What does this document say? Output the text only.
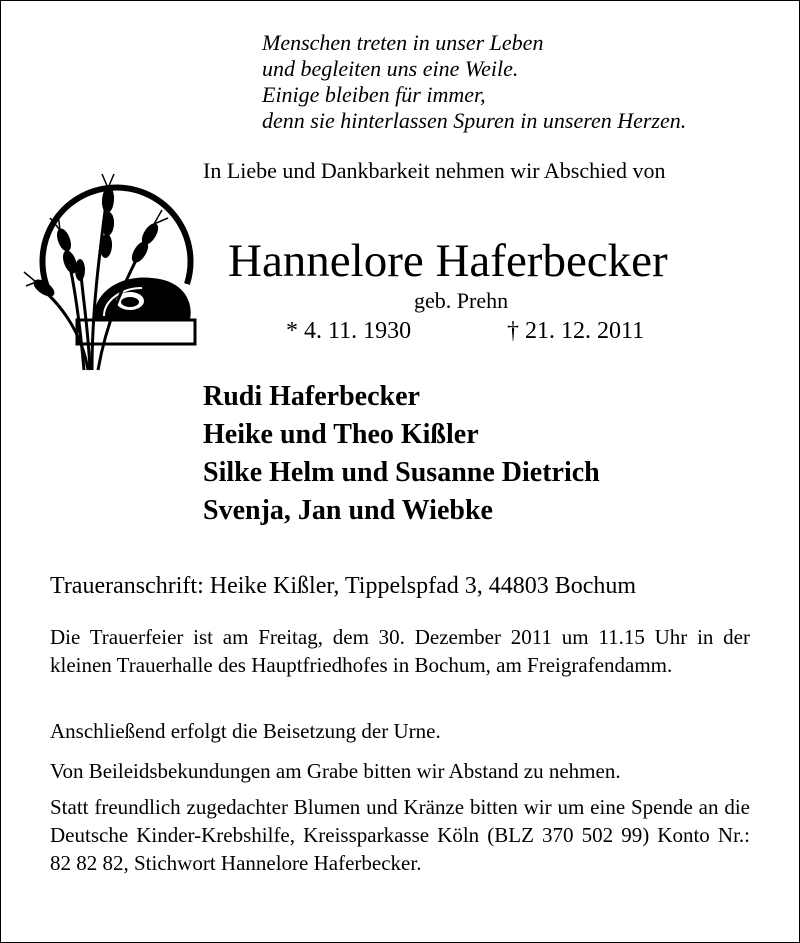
Menschen treten in unser Leben
und begleiten uns eine Weile.
Einige bleiben für immer,
denn sie hinterlassen Spuren in unseren Herzen.
In Liebe und Dankbarkeit nehmen wir Abschied von
Hannelore Haferbecker
geb. Prehn
* 4. 11. 1930	† 21. 12. 2011
Rudi Haferbecker
Heike und Theo Kißler
Silke Helm und Susanne Dietrich
Svenja, Jan und Wiebke
Traueranschrift: Heike Kißler, Tippelspfad 3, 44803 Bochum
Die Trauerfeier ist am Freitag, dem 30. Dezember 2011 um 11.15 Uhr in der kleinen Trauerhalle des Hauptfriedhofes in Bochum, am Freigrafendamm.
Anschließend erfolgt die Beisetzung der Urne.
Von Beileidsbekundungen am Grabe bitten wir Abstand zu nehmen.
Statt freundlich zugedachter Blumen und Kränze bitten wir um eine Spende an die Deutsche Kinder-Krebshilfe, Kreissparkasse Köln (BLZ 370 502 99) Konto Nr.: 82 82 82, Stichwort Hannelore Haferbecker.
